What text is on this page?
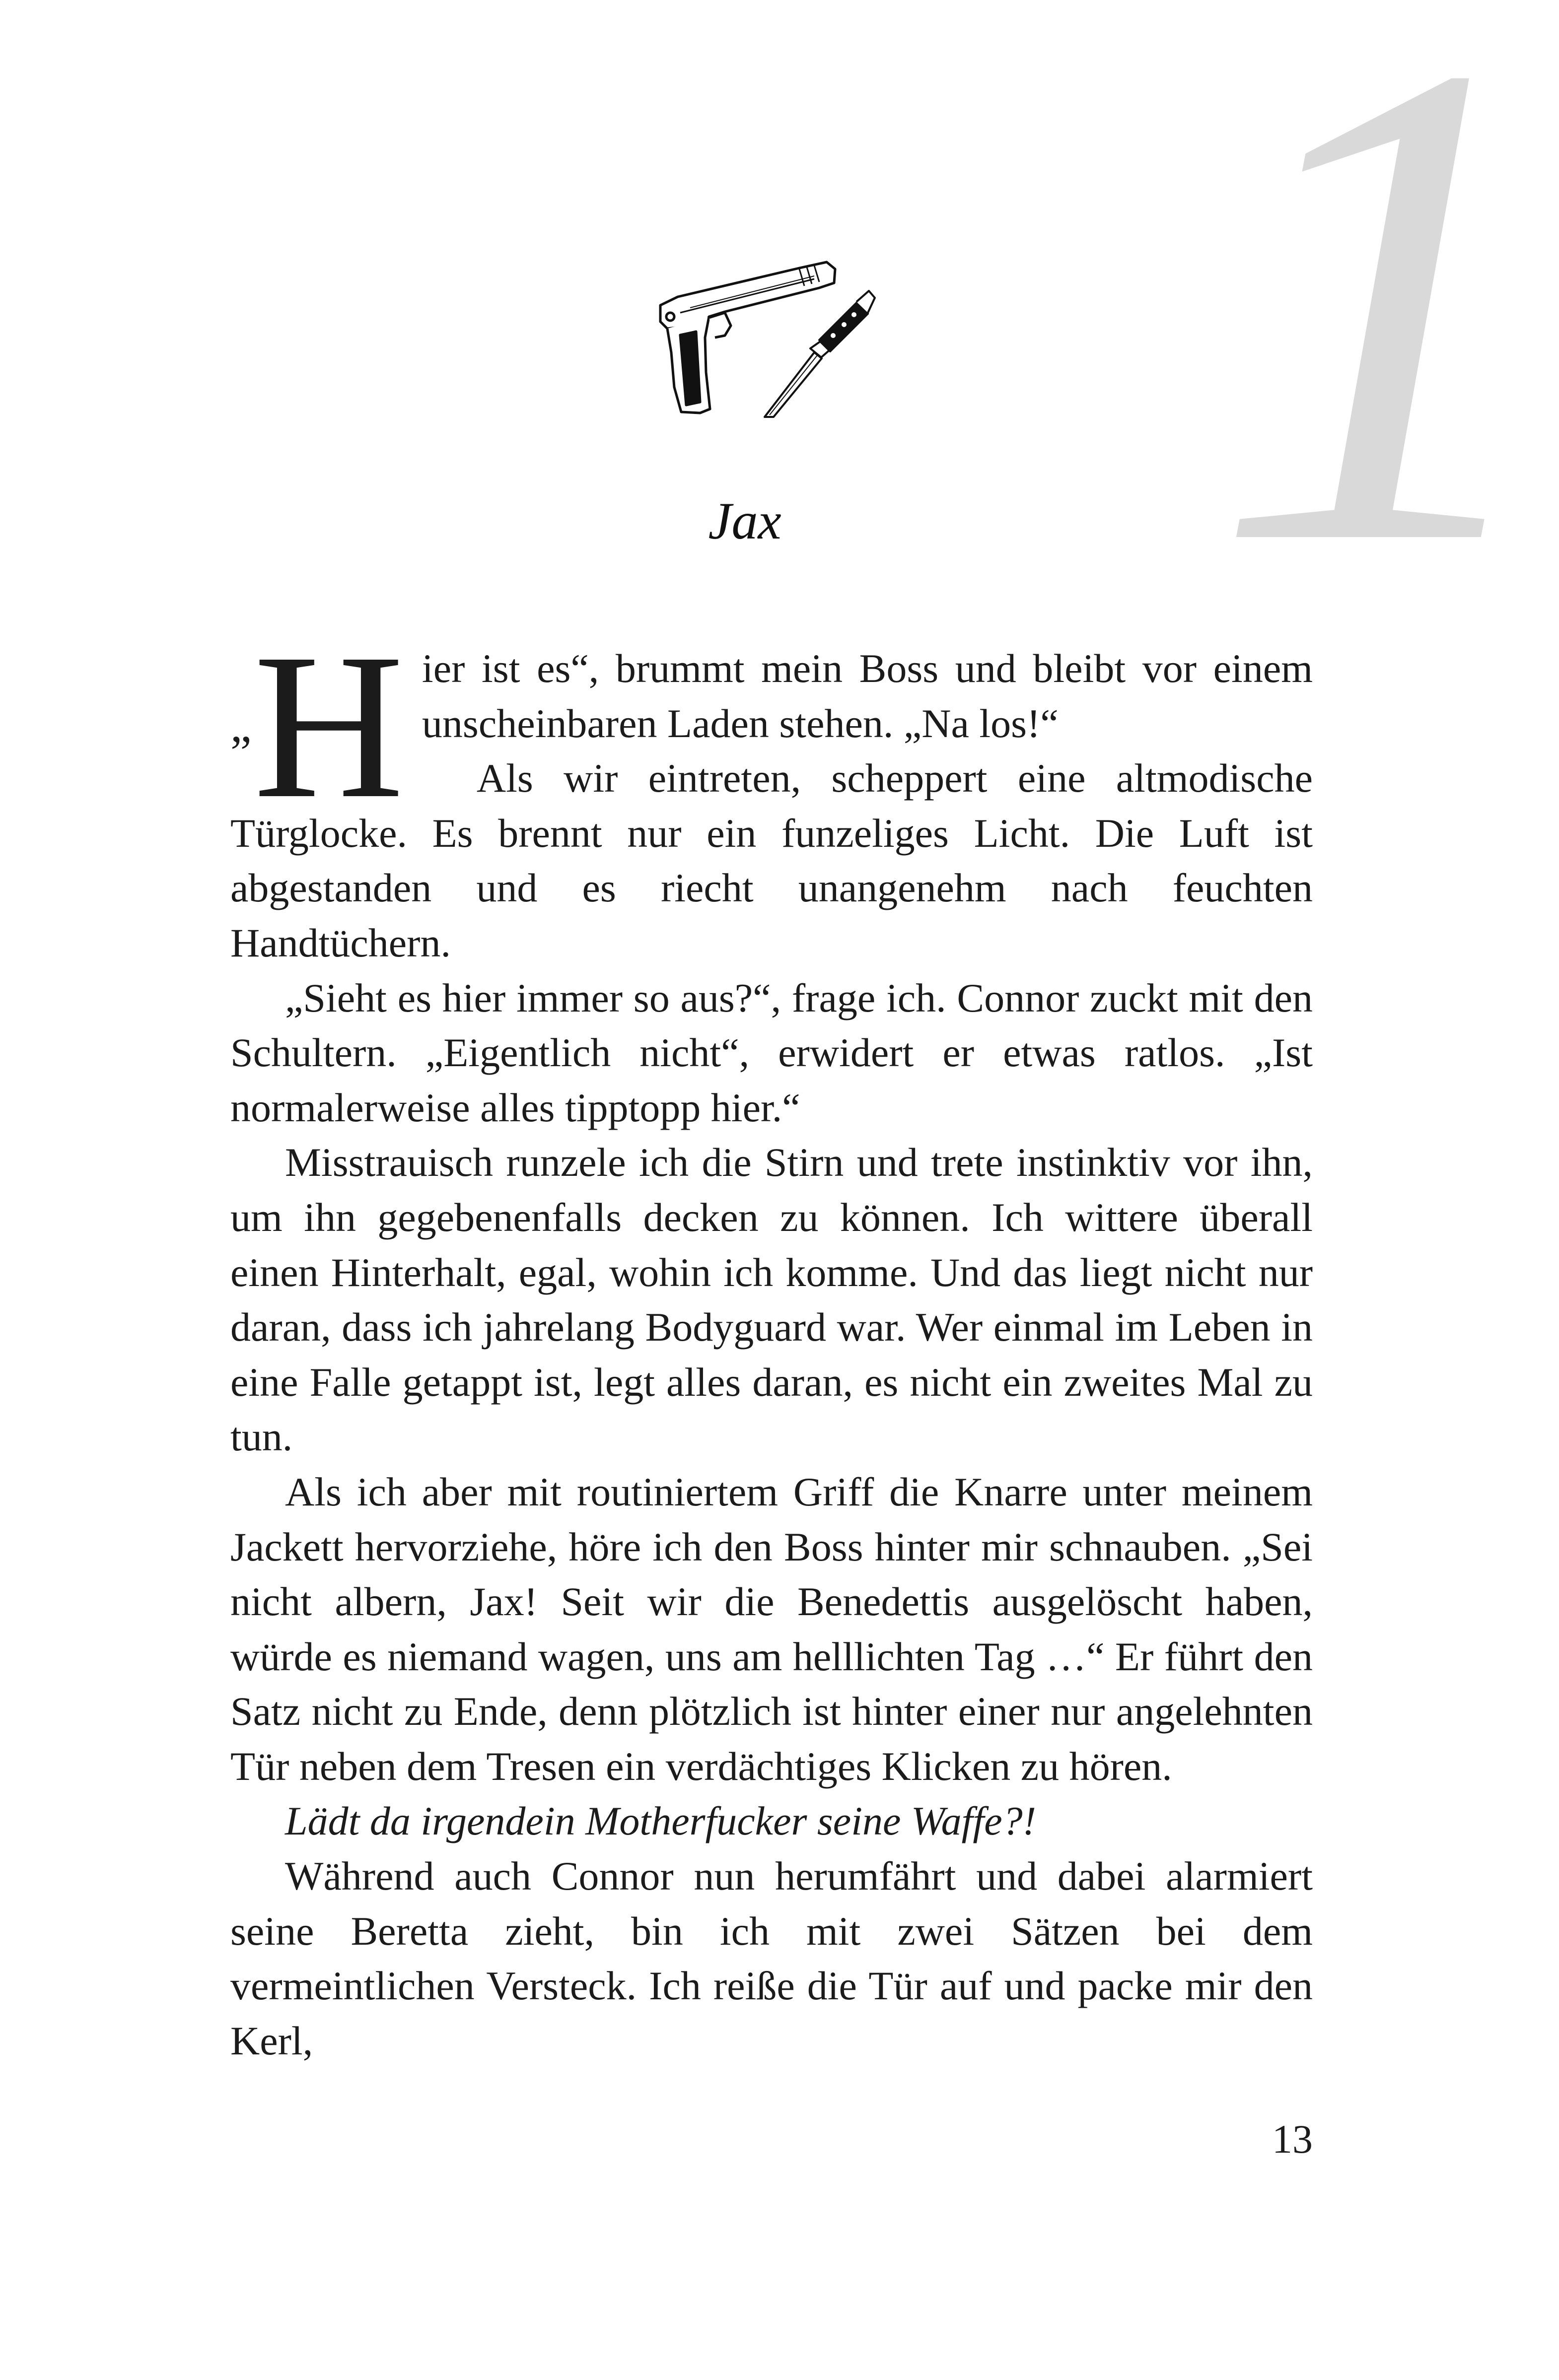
1
Jax
„ H ier ist es“, brummt mein Boss und bleibt vor einem unscheinbaren Laden stehen. „Na los!“

Als wir eintreten, scheppert eine altmodische Türglocke. Es brennt nur ein funzeliges Licht. Die Luft ist abgestanden und es riecht unangenehm nach feuchten Handtüchern.

„Sieht es hier immer so aus?“, frage ich. Connor zuckt mit den Schultern. „Eigentlich nicht“, erwidert er etwas ratlos. „Ist normalerweise alles tipptopp hier.“

Misstrauisch runzele ich die Stirn und trete instinktiv vor ihn, um ihn gegebenenfalls decken zu können. Ich wittere überall einen Hinterhalt, egal, wohin ich komme. Und das liegt nicht nur daran, dass ich jahrelang Bodyguard war. Wer einmal im Leben in eine Falle getappt ist, legt alles daran, es nicht ein zweites Mal zu tun.

Als ich aber mit routiniertem Griff die Knarre unter meinem Jackett hervorziehe, höre ich den Boss hinter mir schnauben. „Sei nicht albern, Jax! Seit wir die Benedettis ausgelöscht haben, würde es niemand wagen, uns am helllichten Tag …“ Er führt den Satz nicht zu Ende, denn plötzlich ist hinter einer nur angelehnten Tür neben dem Tresen ein verdächtiges Klicken zu hören.

Lädt da irgendein Motherfucker seine Waffe?!

Während auch Connor nun herumfährt und dabei alarmiert seine Beretta zieht, bin ich mit zwei Sätzen bei dem vermeintlichen Versteck. Ich reiße die Tür auf und packe mir den Kerl,

13
